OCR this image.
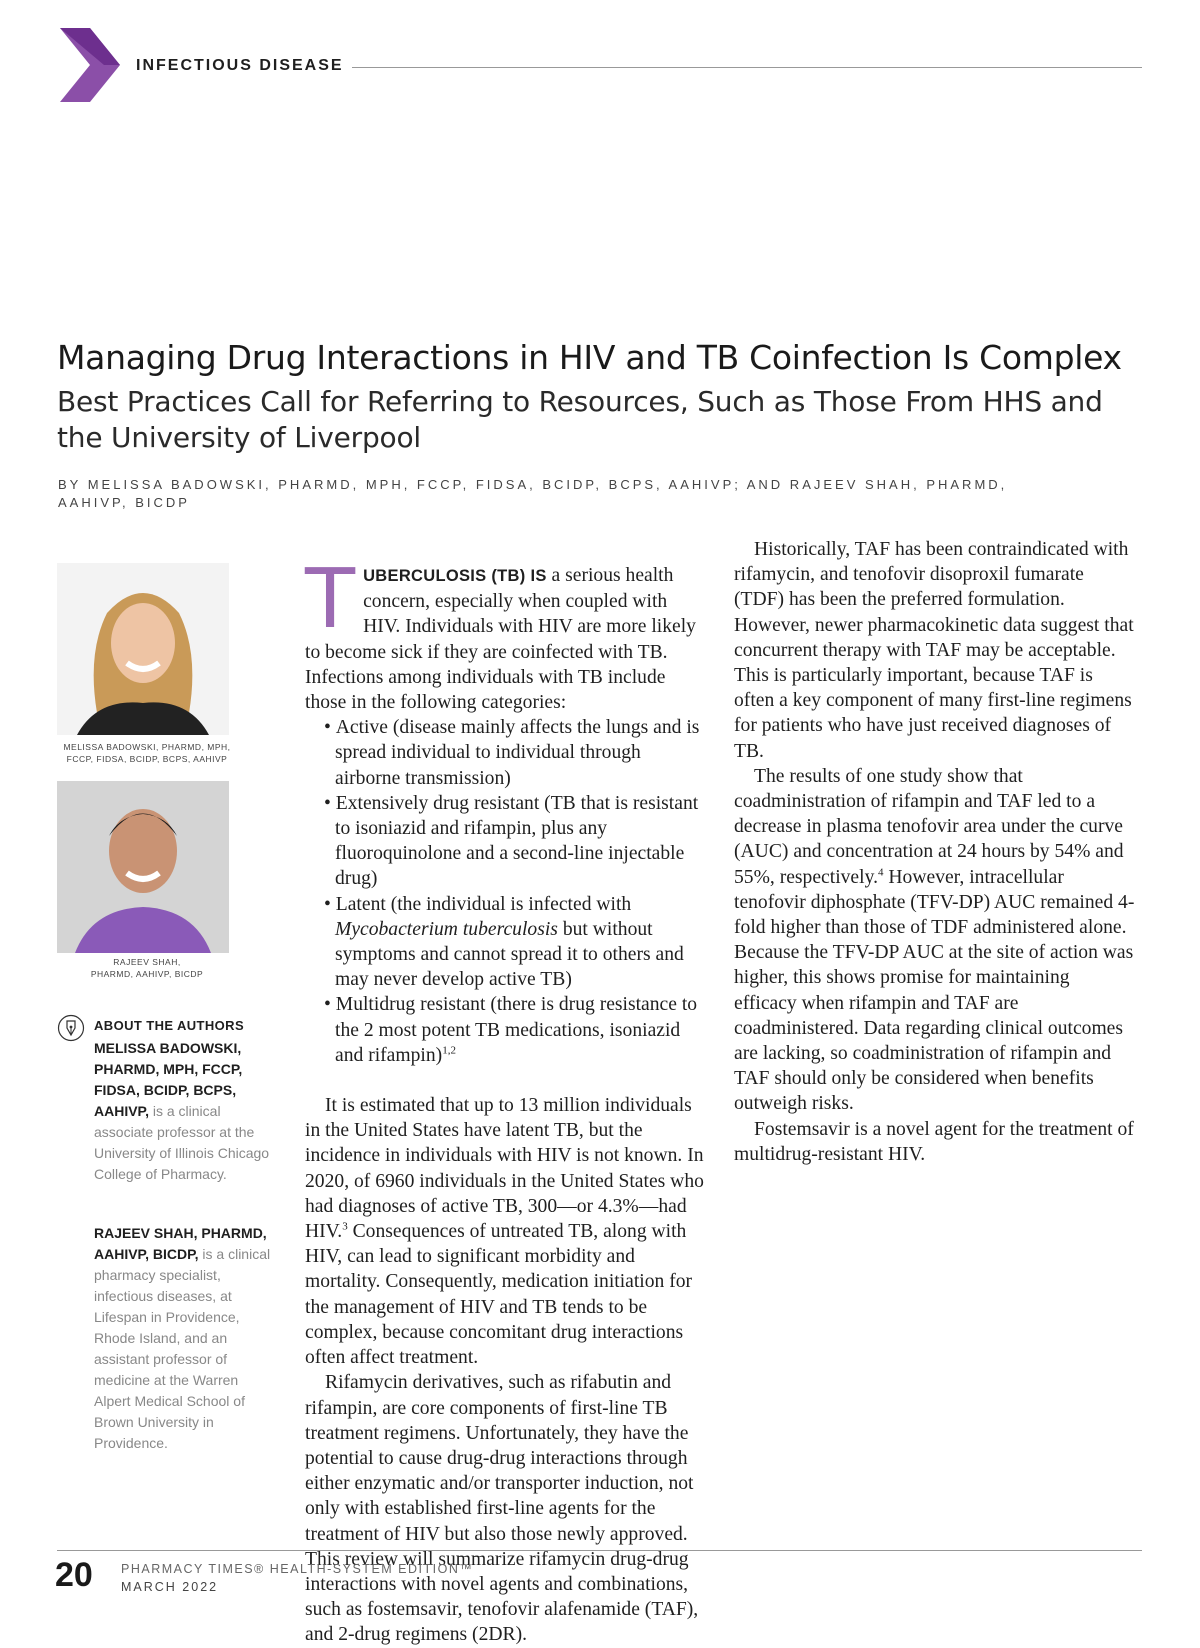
INFECTIOUS DISEASE
Managing Drug Interactions in HIV and TB Coinfection Is Complex
Best Practices Call for Referring to Resources, Such as Those From HHS and the University of Liverpool
BY MELISSA BADOWSKI, PHARMD, MPH, FCCP, FIDSA, BCIDP, BCPS, AAHIVP; AND RAJEEV SHAH, PHARMD, AAHIVP, BICDP
MELISSA BADOWSKI, PHARMD, MPH, FCCP, FIDSA, BCIDP, BCPS, AAHIVP
RAJEEV SHAH,
PHARMD, AAHIVP, BICDP
ABOUT THE AUTHORS
MELISSA BADOWSKI, PHARMD, MPH, FCCP, FIDSA, BCIDP, BCPS, AAHIVP, is a clinical associate professor at the University of Illinois Chicago College of Pharmacy.
RAJEEV SHAH, PHARMD, AAHIVP, BICDP, is a clinical pharmacy specialist, infectious diseases, at Lifespan in Providence, Rhode Island, and an assistant professor of medicine at the Warren Alpert Medical School of Brown University in Providence.

TUBERCULOSIS (TB) IS a serious health concern, especially when coupled with HIV. Individuals with HIV are more likely to become sick if they are coinfected with TB. Infections among individuals with TB include those in the following categories:

• Active (disease mainly affects the lungs and is spread individual to individual through airborne transmission)
• Extensively drug resistant (TB that is resistant to isoniazid and rifampin, plus any fluoroquinolone and a second-line injectable drug)
• Latent (the individual is infected with Mycobacterium tuberculosis but without symptoms and cannot spread it to others and may never develop active TB)
• Multidrug resistant (there is drug resistance to the 2 most potent TB medications, isoniazid and rifampin)$^{1,2}$

It is estimated that up to 13 million individuals in the United States have latent TB, but the incidence in individuals with HIV is not known. In 2020, of 6960 individuals in the United States who had diagnoses of active TB, 300—or 4.3%—had HIV.$^3$ Consequences of untreated TB, along with HIV, can lead to significant morbidity and mortality. Consequently, medication initiation for the management of HIV and TB tends to be complex, because concomitant drug interactions often affect treatment.

Rifamycin derivatives, such as rifabutin and rifampin, are core components of first-line TB treatment regimens. Unfortunately, they have the potential to cause drug-drug interactions through either enzymatic and/or transporter induction, not only with established first-line agents for the treatment of HIV but also those newly approved. This review will summarize rifamycin drug-drug interactions with novel agents and combinations, such as fostemsavir, tenofovir alafenamide (TAF), and 2-drug regimens (2DR).

Historically, TAF has been contraindicated with rifamycin, and tenofovir disoproxil fumarate (TDF) has been the preferred formulation. However, newer pharmacokinetic data suggest that concurrent therapy with TAF may be acceptable. This is particularly important, because TAF is often a key component of many first-line regimens for patients who have just received diagnoses of TB.

The results of one study show that coadministration of rifampin and TAF led to a decrease in plasma tenofovir area under the curve (AUC) and concentration at 24 hours by 54% and 55%, respectively.$^4$ However, intracellular tenofovir diphosphate (TFV-DP) AUC remained 4-fold higher than those of TDF administered alone. Because the TFV-DP AUC at the site of action was higher, this shows promise for maintaining efficacy when rifampin and TAF are coadministered. Data regarding clinical outcomes are lacking, so coadministration of rifampin and TAF should only be considered when benefits outweigh risks.

Fostemsavir is a novel agent for the treatment of multidrug-resistant HIV.

20 PHARMACY TIMES® HEALTH-SYSTEM EDITION™
MARCH 2022
